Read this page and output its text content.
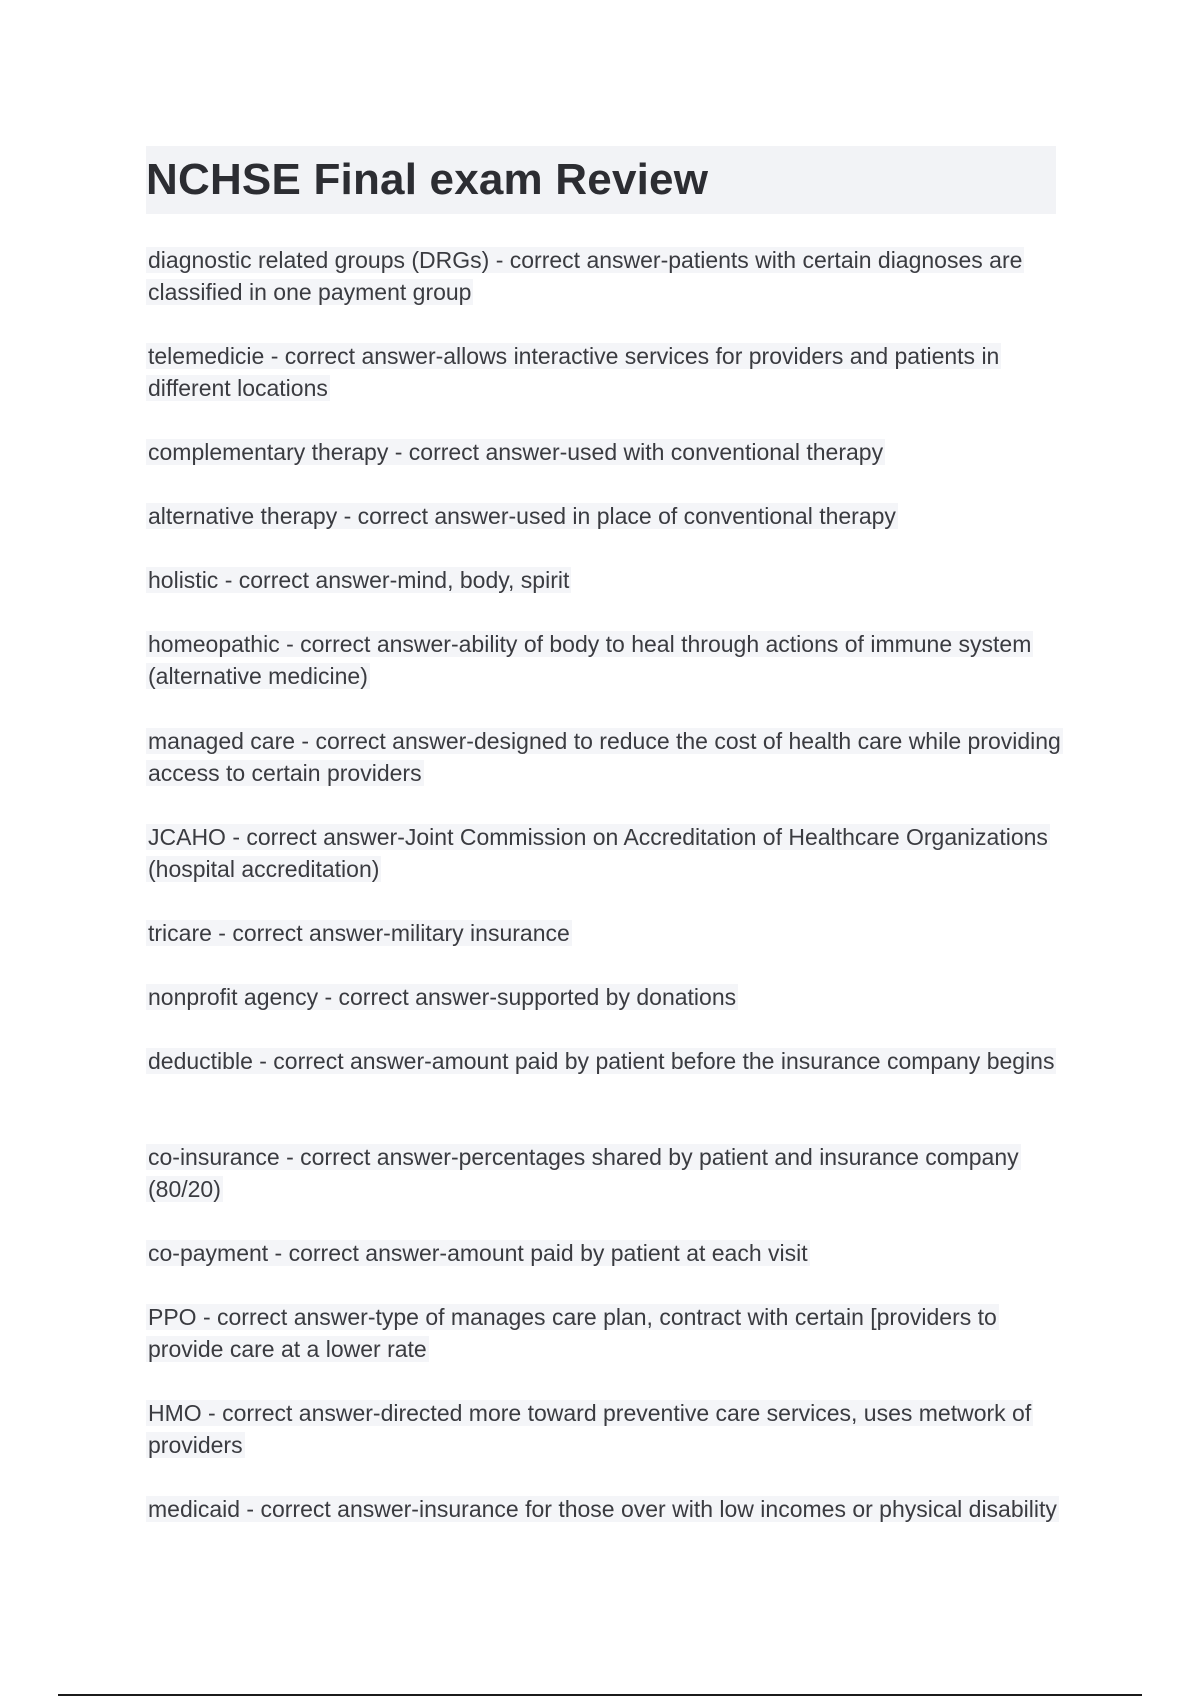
NCHSE Final exam Review
diagnostic related groups (DRGs) - correct answer-patients with certain diagnoses are classified in one payment group
telemedicie - correct answer-allows interactive services for providers and patients in different locations
complementary therapy - correct answer-used with conventional therapy
alternative therapy - correct answer-used in place of conventional therapy
holistic - correct answer-mind, body, spirit
homeopathic - correct answer-ability of body to heal through actions of immune system (alternative medicine)
managed care - correct answer-designed to reduce the cost of health care while providing access to certain providers
JCAHO - correct answer-Joint Commission on Accreditation of Healthcare Organizations (hospital accreditation)
tricare - correct answer-military insurance
nonprofit agency - correct answer-supported by donations
deductible - correct answer-amount paid by patient before the insurance company begins
co-insurance - correct answer-percentages shared by patient and insurance company (80/20)
co-payment - correct answer-amount paid by patient at each visit
PPO - correct answer-type of manages care plan, contract with certain [providers to provide care at a lower rate
HMO - correct answer-directed more toward preventive care services, uses metwork of providers
medicaid - correct answer-insurance for those over with low incomes or physical disability
